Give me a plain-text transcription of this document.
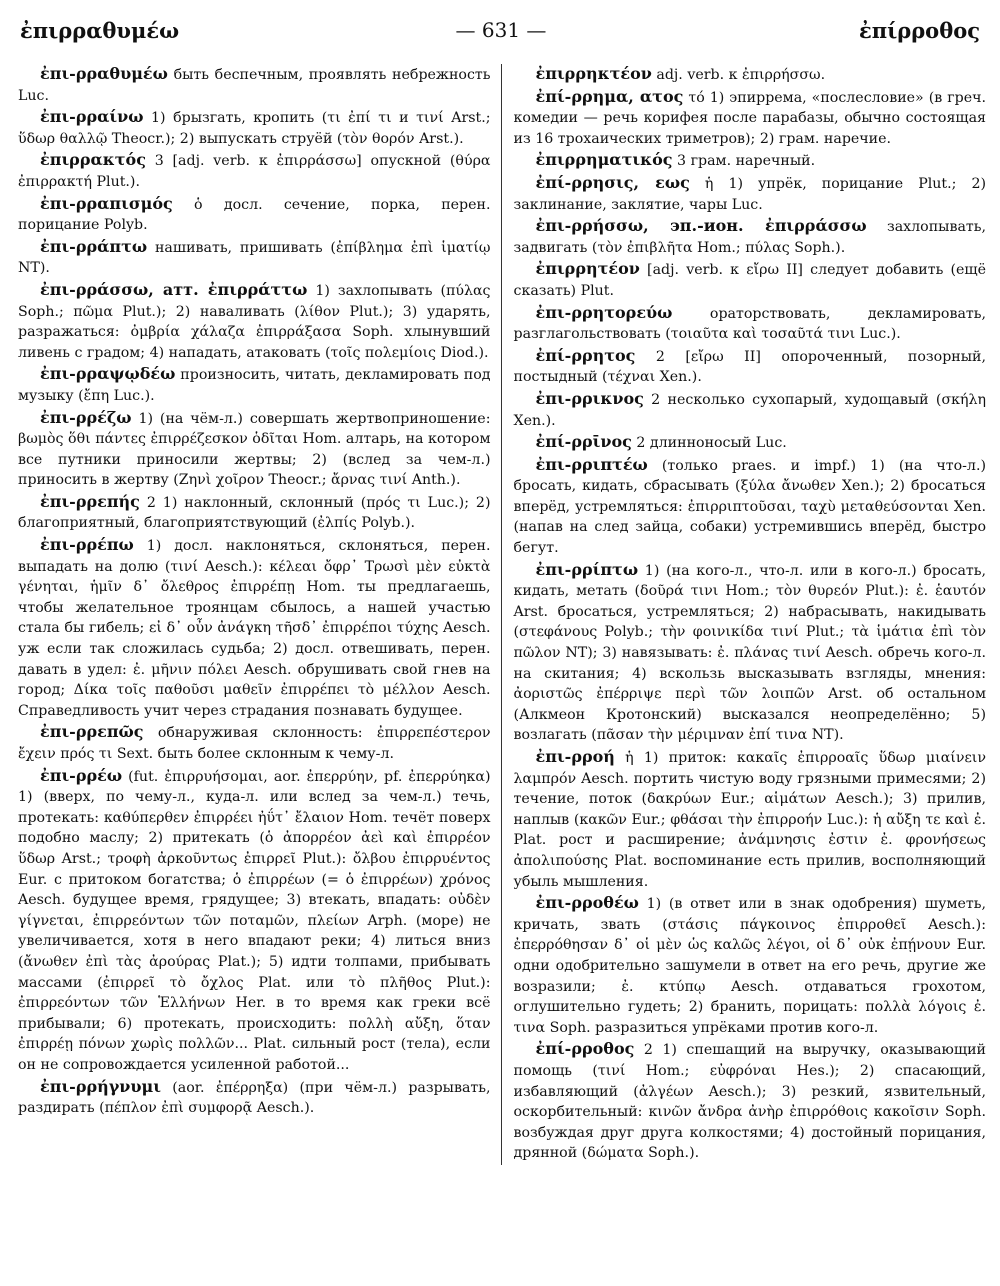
ἐπιρραθυμέω	— 631 —	ἐπίρροθος

ἐπι-ρραθυμέω быть беспечным, проявлять небрежность Luc.

ἐπι-ρραίνω 1) брызгать, кропить (τι ἐπί τι и τινί Arst.; ὕδωρ θαλλῷ Theocr.); 2) выпускать струёй (τὸν θορόν Arst.).

ἐπιρρακτός 3 [adj. verb. к ἐπιρράσσω] опускной (θύρα ἐπιρρακτή Plut.).

ἐπι-ρραπισμός ὁ досл. сечение, порка, перен. порицание Polyb.

ἐπι-ρράπτω нашивать, пришивать (ἐπίβλημα ἐπὶ ἱματίῳ NT).

ἐπι-ρράσσω, атт. ἐπιρράττω 1) захлопывать (πύλας Soph.; πῶμα Plut.); 2) наваливать (λίθον Plut.); 3) ударять, разражаться: ὀμβρία χάλαζα ἐπιρράξασα Soph. хлынувший ливень с градом; 4) нападать, атаковать (τοῖς πολεμίοις Diod.).

ἐπι-ρραψῳδέω произносить, читать, декламировать под музыку (ἔπη Luc.).

ἐπι-ρρέζω 1) (на чём-л.) совершать жертвоприношение: βωμὸς ὅθι πάντες ἐπιρρέζεσκον ὁδῖται Hom. алтарь, на котором все путники приносили жертвы; 2) (вслед за чем-л.) приносить в жертву (Ζηνὶ χοῖρον Theocr.; ἄρνας τινί Anth.).

ἐπι-ρρεπής 2 1) наклонный, склонный (πρός τι Luc.); 2) благоприятный, благоприятствующий (ἐλπίς Polyb.).

ἐπι-ρρέπω 1) досл. наклоняться, склоняться, перен. выпадать на долю (τινί Aesch.): κέλεαι ὄφρ᾽ Τρωσὶ μὲν εὐκτὰ γένηται, ἡμῖν δ᾽ ὄλεθρος ἐπιρρέπῃ Hom. ты предлагаешь, чтобы желательное троянцам сбылось, а нашей участью стала бы гибель; εἰ δ᾽ οὖν ἀνάγκη τῆσδ᾽ ἐπιρρέποι τύχης Aesch. уж если так сложилась судьба; 2) досл. отвешивать, перен. давать в удел: ἐ. μῆνιν πόλει Aesch. обрушивать свой гнев на город; Δίκα τοῖς παθοῦσι μαθεῖν ἐπιρρέπει τὸ μέλλον Aesch. Справедливость учит через страдания познавать будущее.

ἐπι-ρρεπῶς обнаруживая склонность: ἐπιρρεπέστερον ἔχειν πρός τι Sext. быть более склонным к чему-л.

ἐπι-ρρέω (fut. ἐπιρρυήσομαι, aor. ἐπερρύην, pf. ἐπερρύηκα) 1) (вверх, по чему-л., куда-л. или вслед за чем-л.) течь, протекать: καθύπερθεν ἐπιρρέει ἠΰτ᾽ ἔλαιον Hom. течёт поверх подобно маслу; 2) притекать (ὁ ἀπορρέον ἀεὶ καὶ ἐπιρρέον ὕδωρ Arst.; τροφὴ ἀρκοῦντως ἐπιρρεῖ Plut.): ὄλβου ἐπιρρυέντος Eur. с притоком богатства; ὁ ἐπιρρέων (= ὁ ἐπιρρέων) χρόνος Aesch. будущее время, грядущее; 3) втекать, впадать: οὐδὲν γίγνεται, ἐπιρρεόντων τῶν ποταμῶν, πλείων Arph. (море) не увеличивается, хотя в него впадают реки; 4) литься вниз (ἄνωθεν ἐπὶ τὰς ἀρούρας Plat.); 5) идти толпами, прибывать массами (ἐπιρρεῖ τὸ ὄχλος Plat. или τὸ πλῆθος Plut.): ἐπιρρεόντων τῶν Ἑλλήνων Her. в то время как греки всё прибывали; 6) протекать, происходить: πολλὴ αὔξη, ὅταν ἐπιρρέῃ πόνων χωρὶς πολλῶν... Plat. сильный рост (тела), если он не сопровождается усиленной работой...

ἐπι-ρρήγνυμι (aor. ἐπέρρηξα) (при чём-л.) разрывать, раздирать (πέπλον ἐπὶ συμφορᾷ Aesch.).

ἐπιρρηκτέον adj. verb. к ἐπιρρήσσω.

ἐπί-ρρημα, ατος τό 1) эпиррема, «послесловие» (в греч. комедии — речь корифея после парабазы, обычно состоящая из 16 трохаических триметров); 2) грам. наречие.

ἐπιρρηματικός 3 грам. наречный.

ἐπί-ρρησις, εως ἡ 1) упрёк, порицание Plut.; 2) заклинание, заклятие, чары Luc.

ἐπι-ρρήσσω, эп.-ион. ἐπιρράσσω захлопывать, задвигать (τὸν ἐπιβλῆτα Hom.; πύλας Soph.).

ἐπιρρητέον [adj. verb. к εἴρω II] следует добавить (ещё сказать) Plut.

ἐπι-ρρητορεύω ораторствовать, декламировать, разглагольствовать (τοιαῦτα καὶ τοσαῦτά τινι Luc.).

ἐπί-ρρητος 2 [εἴρω II] опороченный, позорный, постыдный (τέχναι Xen.).

ἐπι-ρρικνος 2 несколько сухопарый, худощавый (σκήλη Xen.).

ἐπί-ρρῑνος 2 длинноносый Luc.

ἐπι-ρριπτέω (только praes. и impf.) 1) (на что-л.) бросать, кидать, сбрасывать (ξύλα ἄνωθεν Xen.); 2) бросаться вперёд, устремляться: ἐπιρριπτοῦσαι, ταχὺ μεταθεύσονται Xen. (напав на след зайца, собаки) устремившись вперёд, быстро бегут.

ἐπι-ρρίπτω 1) (на кого-л., что-л. или в кого-л.) бросать, кидать, метать (δοῦρά τινι Hom.; τὸν θυρεόν Plut.): ἐ. ἑαυτόν Arst. бросаться, устремляться; 2) набрасывать, накидывать (στεφάνους Polyb.; τὴν φοινικίδα τινί Plut.; τὰ ἱμάτια ἐπὶ τὸν πῶλον NT); 3) навязывать: ἐ. πλάνας τινί Aesch. обречь кого-л. на скитания; 4) вскользь высказывать взгляды, мнения: ἀοριστῶς ἐπέρριψε περὶ τῶν λοιπῶν Arst. об остальном (Алкмеон Кротонский) высказался неопределённо; 5) возлагать (πᾶσαν τὴν μέριμναν ἐπί τινα NT).

ἐπι-ρροή ἡ 1) приток: κακαῖς ἐπιρροαῖς ὕδωρ μιαίνειν λαμπρόν Aesch. портить чистую воду грязными примесями; 2) течение, поток (δακρύων Eur.; αἱμάτων Aesch.); 3) прилив, наплыв (κακῶν Eur.; φθάσαι τὴν ἐπιρροήν Luc.): ἡ αὔξη τε καὶ ἐ. Plat. рост и расширение; ἀνάμνησις ἐστιν ἐ. φρονήσεως ἀπολιπούσης Plat. воспоминание есть прилив, восполняющий убыль мышления.

ἐπι-ρροθέω 1) (в ответ или в знак одобрения) шуметь, кричать, звать (στάσις πάγκοινος ἐπιρροθεῖ Aesch.): ἐπερρόθησαν δ᾽ οἱ μὲν ὡς καλῶς λέγοι, οἱ δ᾽ οὐκ ἐπῄνουν Eur. одни одобрительно зашумели в ответ на его речь, другие же возразили; ἐ. κτύπῳ Aesch. отдаваться грохотом, оглушительно гудеть; 2) бранить, порицать: πολλὰ λόγοις ἐ. τινα Soph. разразиться упрёками против кого-л.

ἐπί-ρροθος 2 1) спешащий на выручку, оказывающий помощь (τινί Hom.; εὐφρόναι Hes.); 2) спасающий, избавляющий (ἀλγέων Aesch.); 3) резкий, язвительный, оскорбительный: κινῶν ἄνδρα ἀνὴρ ἐπιρρόθοις κακοῖσιν Soph. возбуждая друг друга колкостями; 4) достойный порицания, дрянной (δώματα Soph.).
